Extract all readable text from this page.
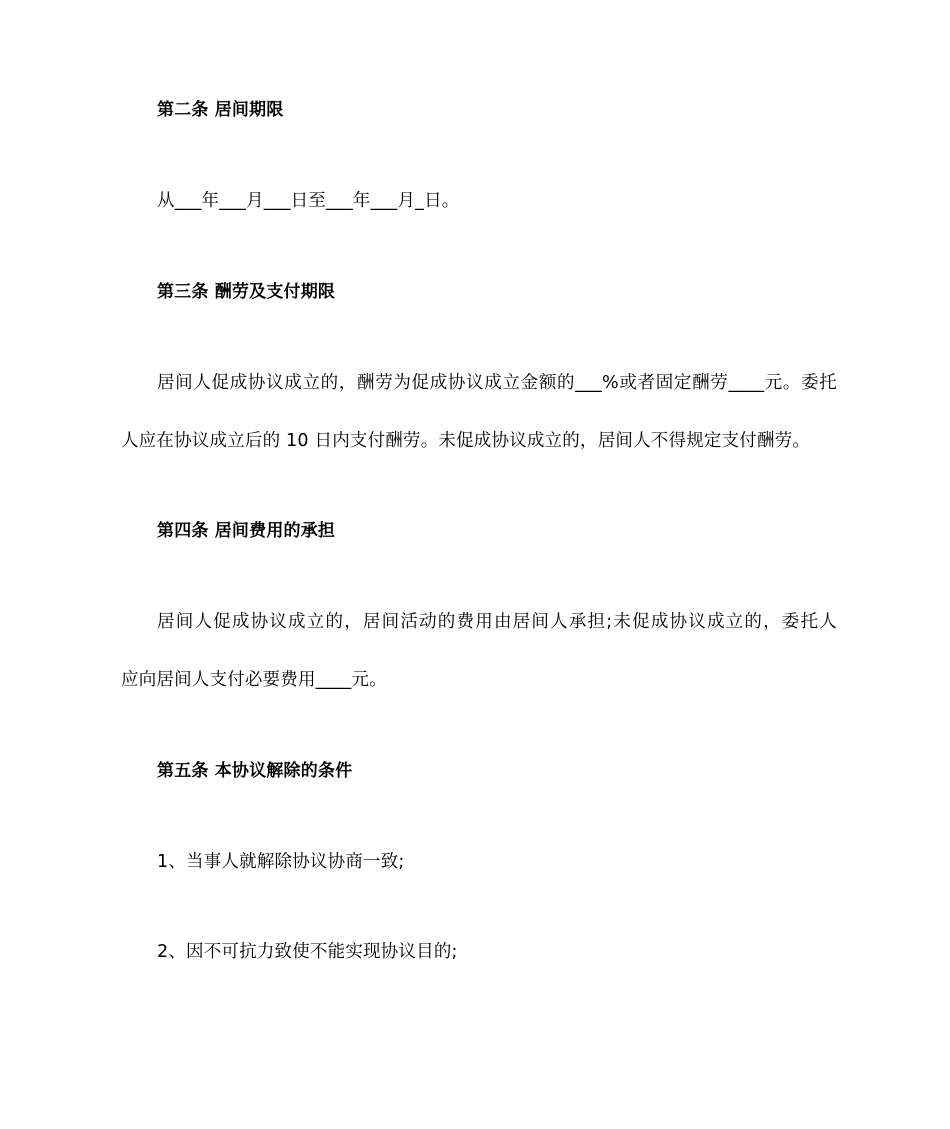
第二条 居间期限
从___年___月___日至___年___月_日。
第三条 酬劳及支付期限
居间人促成协议成立的，酬劳为促成协议成立金额的___%或者固定酬劳____元。委托
人应在协议成立后的 10 日内支付酬劳。未促成协议成立的，居间人不得规定支付酬劳。
第四条 居间费用的承担
居间人促成协议成立的，居间活动的费用由居间人承担;未促成协议成立的，委托人
应向居间人支付必要费用____元。
第五条 本协议解除的条件
1、当事人就解除协议协商一致;
2、因不可抗力致使不能实现协议目的;
